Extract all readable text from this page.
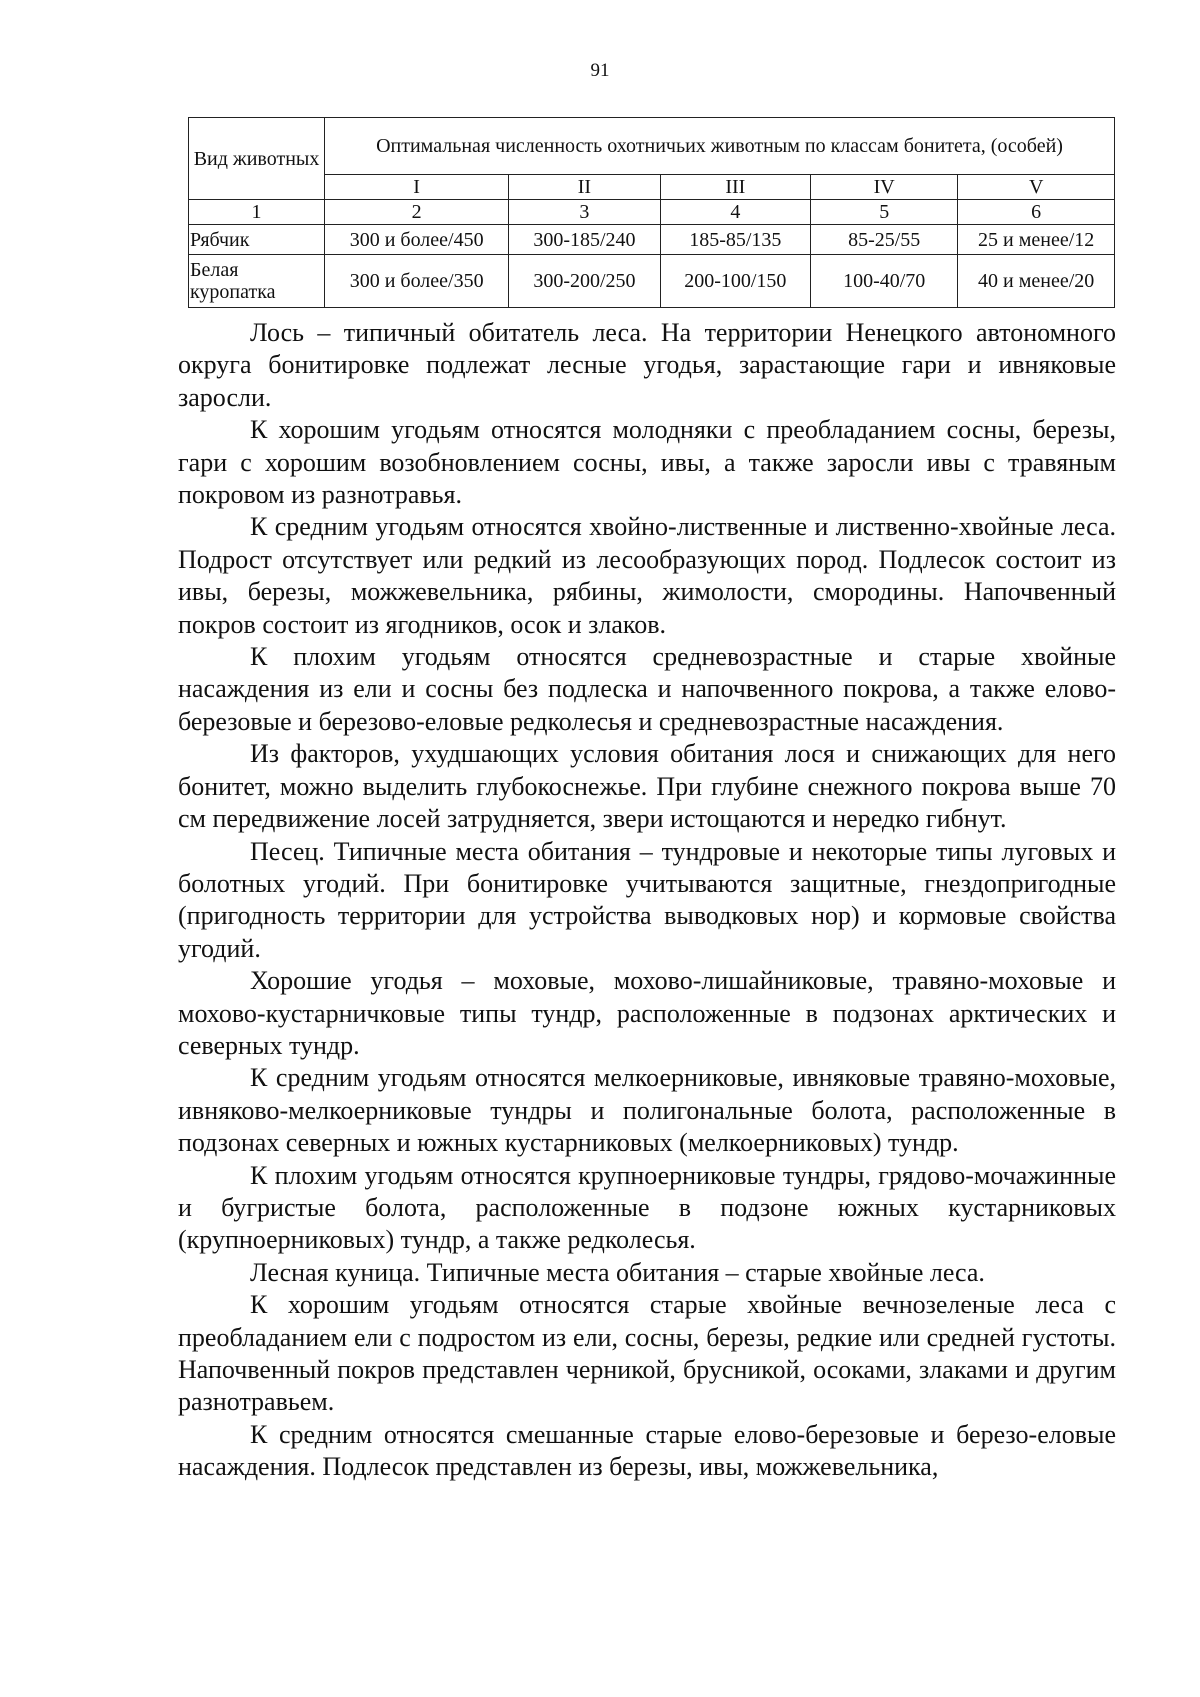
91
Вид животных	Оптимальная численность охотничьих животным по классам бонитета, (особей)				
	I	II	III	IV	V
1	2	3	4	5	6
Рябчик	300 и более/450	300-185/240	185-85/135	85-25/55	25 и менее/12
Белая куропатка	300 и более/350	300-200/250	200-100/150	100-40/70	40 и менее/20

Лось – типичный обитатель леса. На территории Ненецкого автономного округа бонитировке подлежат лесные угодья, зарастающие гари и ивняковые заросли.

К хорошим угодьям относятся молодняки с преобладанием сосны, березы, гари с хорошим возобновлением сосны, ивы, а также заросли ивы с травяным покровом из разнотравья.

К средним угодьям относятся хвойно-лиственные и лиственно-хвойные леса. Подрост отсутствует или редкий из лесообразующих пород. Подлесок состоит из ивы, березы, можжевельника, рябины, жимолости, смородины. Напочвенный покров состоит из ягодников, осок и злаков.

К плохим угодьям относятся средневозрастные и старые хвойные насаждения из ели и сосны без подлеска и напочвенного покрова, а также елово-березовые и березово-еловые редколесья и средневозрастные насаждения.

Из факторов, ухудшающих условия обитания лося и снижающих для него бонитет, можно выделить глубокоснежье. При глубине снежного покрова выше 70 см передвижение лосей затрудняется, звери истощаются и нередко гибнут.

Песец. Типичные места обитания – тундровые и некоторые типы луговых и болотных угодий. При бонитировке учитываются защитные, гнездопригодные (пригодность территории для устройства выводковых нор) и кормовые свойства угодий.

Хорошие угодья – моховые, мохово-лишайниковые, травяно-моховые и мохово-кустарничковые типы тундр, расположенные в подзонах арктических и северных тундр.

К средним угодьям относятся мелкоерниковые, ивняковые травяно-моховые, ивняково-мелкоерниковые тундры и полигональные болота, расположенные в подзонах северных и южных кустарниковых (мелкоерниковых) тундр.

К плохим угодьям относятся крупноерниковые тундры, грядово-мочажинные и бугристые болота, расположенные в подзоне южных кустарниковых (крупноерниковых) тундр, а также редколесья.

Лесная куница. Типичные места обитания – старые хвойные леса.

К хорошим угодьям относятся старые хвойные вечнозеленые леса с преобладанием ели с подростом из ели, сосны, березы, редкие или средней густоты. Напочвенный покров представлен черникой, брусникой, осоками, злаками и другим разнотравьем.

К средним относятся смешанные старые елово-березовые и березо-еловые насаждения. Подлесок представлен из березы, ивы, можжевельника,
